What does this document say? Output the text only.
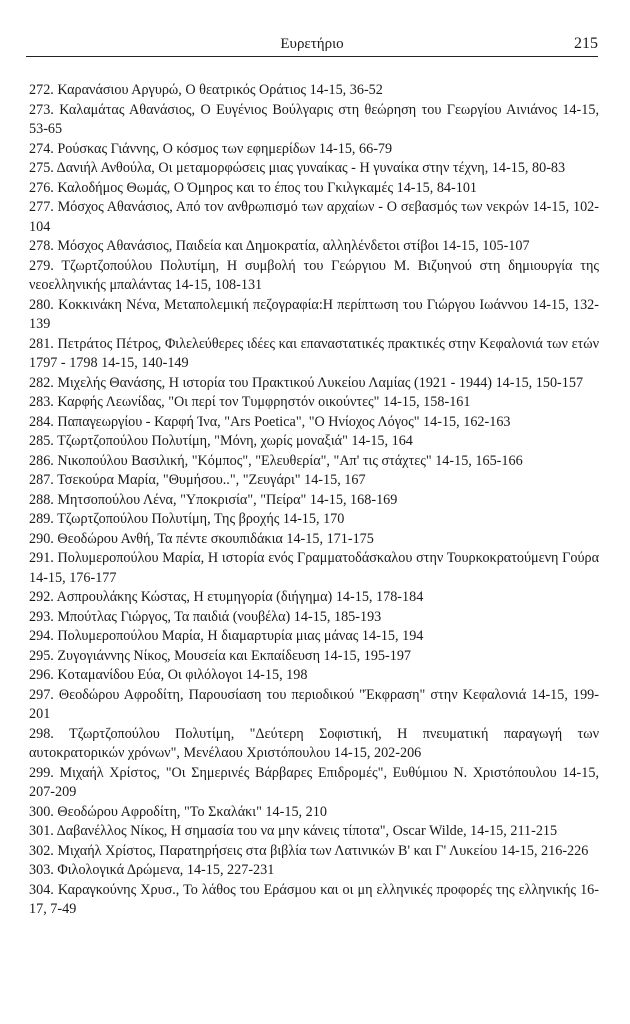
Ευρετήριο	215

272. Καρανάσιου Αργυρώ, Ο θεατρικός Οράτιος 14-15, 36-52

273. Καλαμάτας Αθανάσιος, Ο Ευγένιος Βούλγαρις στη θεώρηση του Γεωργίου Αινιάνος 14-15, 53-65

274. Ρούσκας Γιάννης, Ο κόσμος των εφημερίδων 14-15, 66-79

275. Δανιήλ Ανθούλα, Οι μεταμορφώσεις μιας γυναίκας - Η γυναίκα στην τέχνη, 14-15, 80-83

276. Καλοδήμος Θωμάς, Ο Όμηρος και το έπος του Γκιλγκαμές 14-15, 84-101

277. Μόσχος Αθανάσιος, Από τον ανθρωπισμό των αρχαίων - Ο σεβασμός των νεκρών 14-15, 102-104

278. Μόσχος Αθανάσιος, Παιδεία και Δημοκρατία, αλληλένδετοι στίβοι 14-15, 105-107

279. Τζωρτζοπούλου Πολυτίμη, Η συμβολή του Γεώργιου Μ. Βιζυηνού στη δημιουργία της νεοελληνικής μπαλάντας 14-15, 108-131

280. Κοκκινάκη Νένα, Μεταπολεμική πεζογραφία:Η περίπτωση του Γιώργου Ιωάννου 14-15, 132-139

281. Πετράτος Πέτρος, Φιλελεύθερες ιδέες και επαναστατικές πρακτικές στην Κεφαλονιά των ετών 1797 - 1798 14-15, 140-149

282. Μιχελής Θανάσης, Η ιστορία του Πρακτικού Λυκείου Λαμίας (1921 - 1944) 14-15, 150-157

283. Καρφής Λεωνίδας, "Οι περί τον Τυμφρηστόν οικούντες" 14-15, 158-161

284. Παπαγεωργίου - Καρφή Ίνα, "Ars Poetica", "Ο Ηνίοχος Λόγος" 14-15, 162-163

285. Τζωρτζοπούλου Πολυτίμη, "Μόνη, χωρίς μοναξιά" 14-15, 164

286. Νικοπούλου Βασιλική, "Κόμπος", "Ελευθερία", "Απ' τις στάχτες" 14-15, 165-166

287. Τσεκούρα Μαρία, "Θυμήσου..", "Ζευγάρι" 14-15, 167

288. Μητσοπούλου Λένα, "Υποκρισία", "Πείρα" 14-15, 168-169

289. Τζωρτζοπούλου Πολυτίμη, Της βροχής 14-15, 170

290. Θεοδώρου Ανθή, Τα πέντε σκουπιδάκια 14-15, 171-175

291. Πολυμεροπούλου Μαρία, Η ιστορία ενός Γραμματοδάσκαλου στην Τουρκοκρατούμενη Γούρα 14-15, 176-177

292. Ασπρουλάκης Κώστας, Η ετυμηγορία (διήγημα) 14-15, 178-184

293. Μπούτλας Γιώργος, Τα παιδιά (νουβέλα) 14-15, 185-193

294. Πολυμεροπούλου Μαρία, Η διαμαρτυρία μιας μάνας 14-15, 194

295. Ζυγογιάννης Νίκος, Μουσεία και Εκπαίδευση 14-15, 195-197

296. Κοταμανίδου Εύα, Οι φιλόλογοι 14-15, 198

297. Θεοδώρου Αφροδίτη, Παρουσίαση του περιοδικού "Έκφραση" στην Κεφαλονιά 14-15, 199-201

298. Τζωρτζοπούλου Πολυτίμη, "Δεύτερη Σοφιστική, Η πνευματική παραγωγή των αυτοκρατορικών χρόνων", Μενέλαου Χριστόπουλου 14-15, 202-206

299. Μιχαήλ Χρίστος, "Οι Σημερινές Βάρβαρες Επιδρομές", Ευθύμιου Ν. Χριστόπουλου 14-15, 207-209

300. Θεοδώρου Αφροδίτη, "Το Σκαλάκι" 14-15, 210

301. Δαβανέλλος Νίκος, Η σημασία του να μην κάνεις τίποτα", Oscar Wilde, 14-15, 211-215

302. Μιχαήλ Χρίστος, Παρατηρήσεις στα βιβλία των Λατινικών Β' και Γ' Λυκείου 14-15, 216-226

303. Φιλολογικά Δρώμενα, 14-15, 227-231

304. Καραγκούνης Χρυσ., Το λάθος του Εράσμου και οι μη ελληνικές προφορές της ελληνικής 16-17, 7-49
